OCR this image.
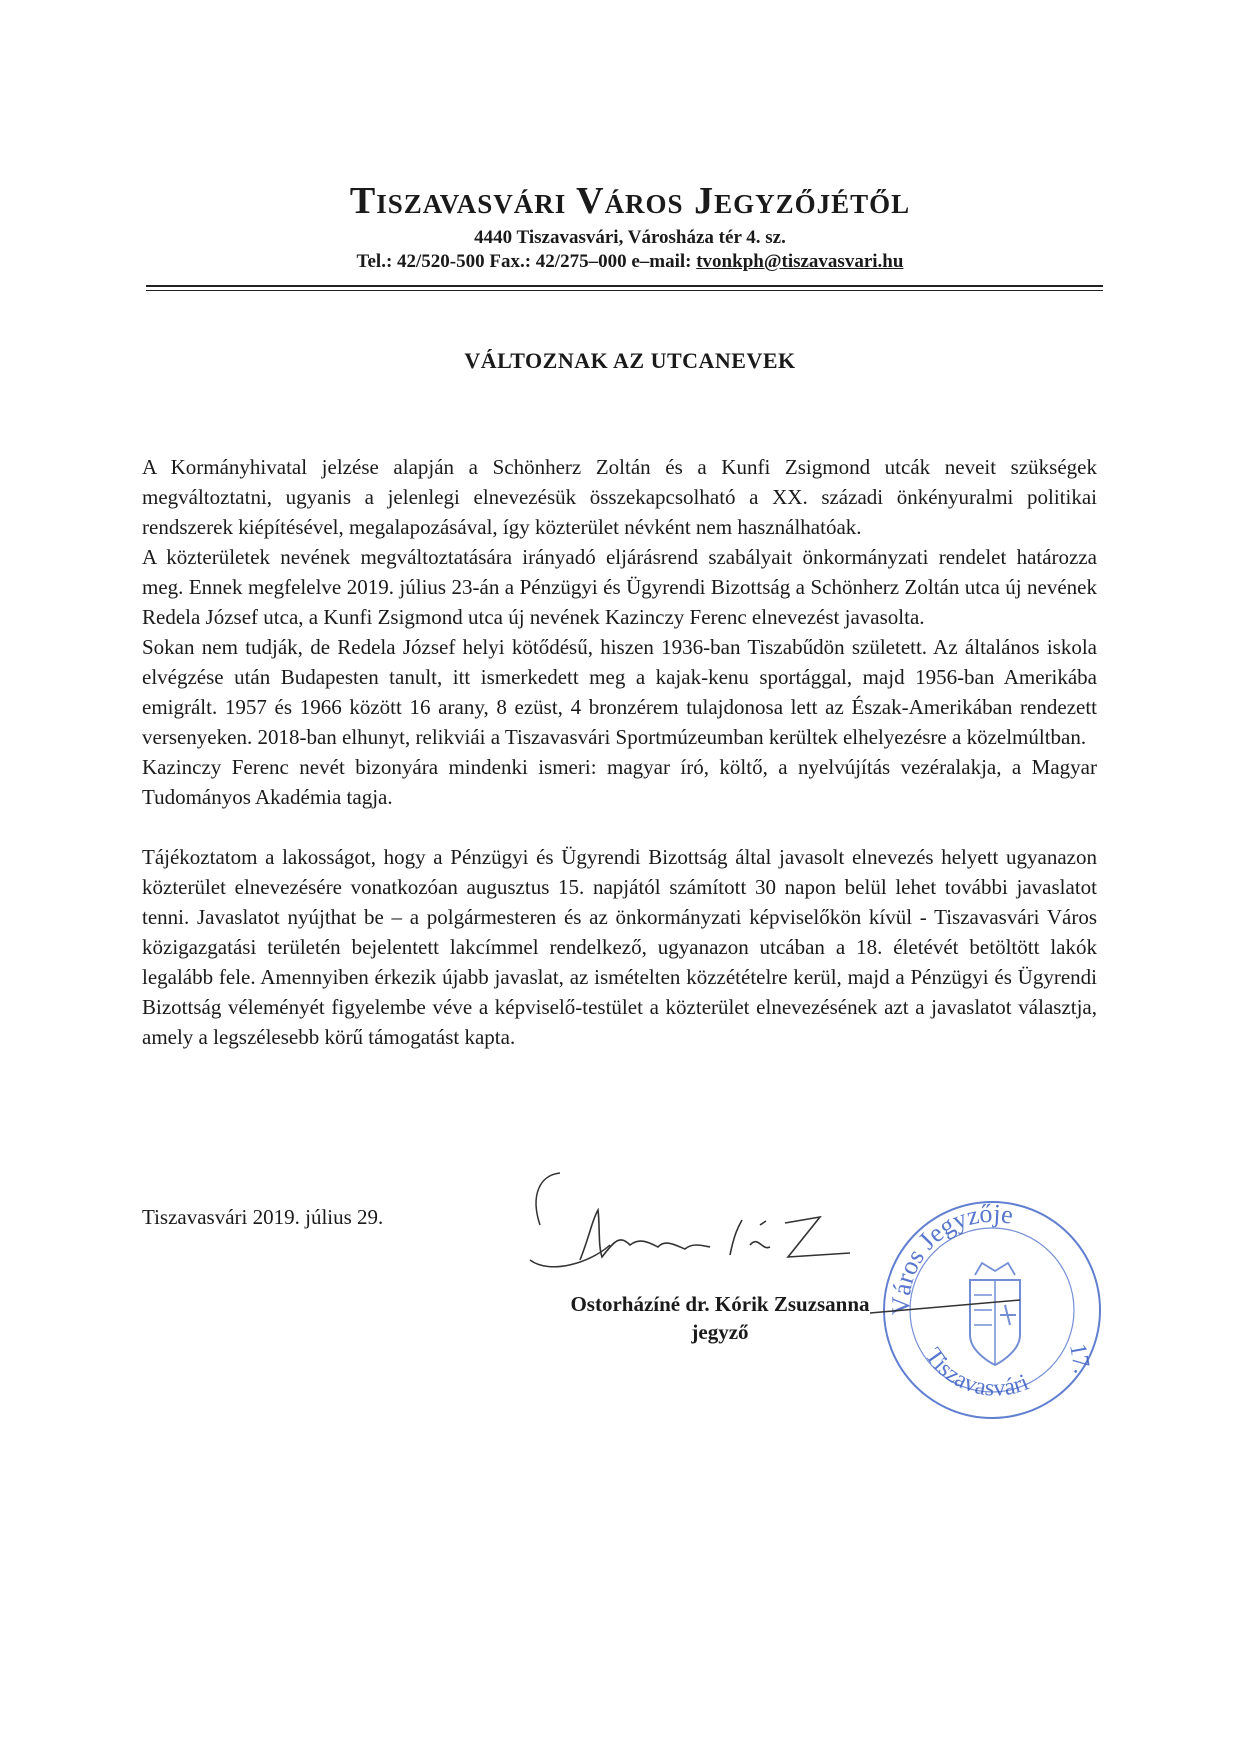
Tiszavasvári Város Jegyzőjétől
4440 Tiszavasvári, Városháza tér 4. sz.
Tel.: 42/520-500 Fax.: 42/275–000 e–mail: tvonkph@tiszavasvari.hu
VÁLTOZNAK AZ UTCANEVEK

A Kormányhivatal jelzése alapján a Schönherz Zoltán és a Kunfi Zsigmond utcák neveit szükségek megváltoztatni, ugyanis a jelenlegi elnevezésük összekapcsolható a XX. századi önkényuralmi politikai rendszerek kiépítésével, megalapozásával, így közterület névként nem használhatóak.

A közterületek nevének megváltoztatására irányadó eljárásrend szabályait önkormányzati rendelet határozza meg. Ennek megfelelve 2019. július 23-án a Pénzügyi és Ügyrendi Bizottság a Schönherz Zoltán utca új nevének Redela József utca, a Kunfi Zsigmond utca új nevének Kazinczy Ferenc elnevezést javasolta.

Sokan nem tudják, de Redela József helyi kötődésű, hiszen 1936-ban Tiszabűdön született. Az általános iskola elvégzése után Budapesten tanult, itt ismerkedett meg a kajak-kenu sportággal, majd 1956-ban Amerikába emigrált. 1957 és 1966 között 16 arany, 8 ezüst, 4 bronzérem tulajdonosa lett az Észak-Amerikában rendezett versenyeken. 2018-ban elhunyt, relikviái a Tiszavasvári Sportmúzeumban kerültek elhelyezésre a közelmúltban.

Kazinczy Ferenc nevét bizonyára mindenki ismeri: magyar író, költő, a nyelvújítás vezéralakja, a Magyar Tudományos Akadémia tagja.

Tájékoztatom a lakosságot, hogy a Pénzügyi és Ügyrendi Bizottság által javasolt elnevezés helyett ugyanazon közterület elnevezésére vonatkozóan augusztus 15. napjától számított 30 napon belül lehet további javaslatot tenni. Javaslatot nyújthat be – a polgármesteren és az önkormányzati képviselőkön kívül - Tiszavasvári Város közigazgatási területén bejelentett lakcímmel rendelkező, ugyanazon utcában a 18. életévét betöltött lakók legalább fele. Amennyiben érkezik újabb javaslat, az ismételten közzétételre kerül, majd a Pénzügyi és Ügyrendi Bizottság véleményét figyelembe véve a képviselő-testület a közterület elnevezésének azt a javaslatot választja, amely a legszélesebb körű támogatást kapta.

Tiszavasvári 2019. július 29.
Ostorházíné dr. Kórik Zsuzsanna
jegyző
Város Jegyzője
Tiszavasvári
17.
